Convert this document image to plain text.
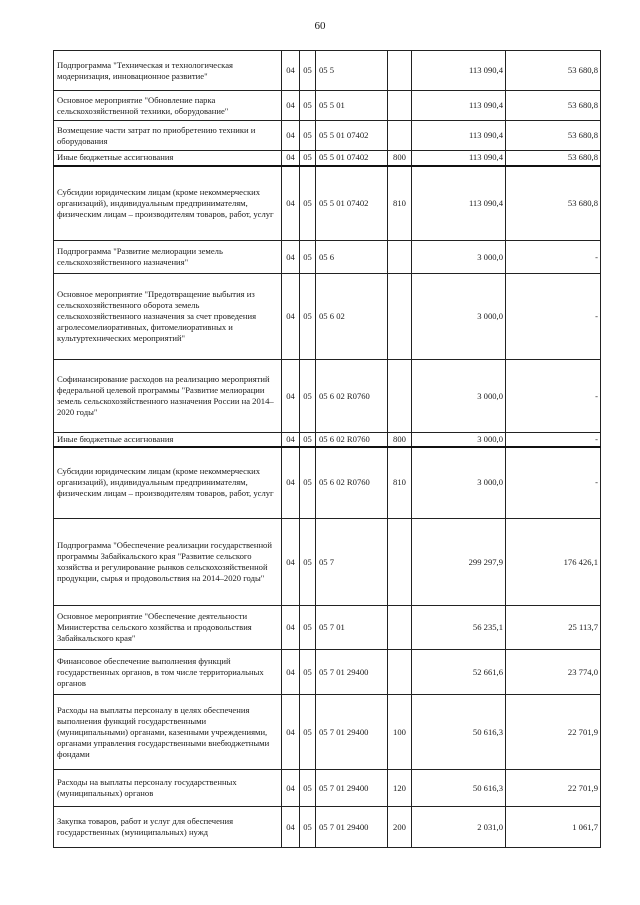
60
Подпрограмма "Техническая и технологическая модернизация, инновационное развитие"	04	05	05 5		113 090,4	53 680,8
Основное мероприятие "Обновление парка сельскохозяйственной техники, оборудование"	04	05	05 5 01		113 090,4	53 680,8
Возмещение части затрат по приобретению техники и оборудования	04	05	05 5 01 07402		113 090,4	53 680,8
Иные бюджетные ассигнования	04	05	05 5 01 07402	800	113 090,4	53 680,8
Субсидии юридическим лицам (кроме некоммерческих организаций), индивидуальным предпринимателям, физическим лицам – производителям товаров, работ, услуг	04	05	05 5 01 07402	810	113 090,4	53 680,8
Подпрограмма "Развитие мелиорации земель сельскохозяйственного назначения"	04	05	05 6		3 000,0	-
Основное мероприятие "Предотвращение выбытия из сельскохозяйственного оборота земель сельскохозяйственного назначения за счет проведения агролесомелиоративных, фитомелиоративных и культуртехнических мероприятий"	04	05	05 6 02		3 000,0	-
Софинансирование расходов на реализацию мероприятий федеральной целевой программы "Развитие мелиорации земель сельскохозяйственного назначения России на 2014–2020 годы"	04	05	05 6 02 R0760		3 000,0	-
Иные бюджетные ассигнования	04	05	05 6 02 R0760	800	3 000,0	-
Субсидии юридическим лицам (кроме некоммерческих организаций), индивидуальным предпринимателям, физическим лицам – производителям товаров, работ, услуг	04	05	05 6 02 R0760	810	3 000,0	-
Подпрограмма "Обеспечение реализации государственной программы Забайкальского края "Развитие сельского хозяйства и регулирование рынков сельскохозяйственной продукции, сырья и продовольствия на 2014–2020 годы"	04	05	05 7		299 297,9	176 426,1
Основное мероприятие "Обеспечение деятельности Министерства сельского хозяйства и продовольствия Забайкальского края"	04	05	05 7 01		56 235,1	25 113,7
Финансовое обеспечение выполнения функций государственных органов, в том числе территориальных органов	04	05	05 7 01 29400		52 661,6	23 774,0
Расходы на выплаты персоналу в целях обеспечения выполнения функций государственными (муниципальными) органами, казенными учреждениями, органами управления государственными внебюджетными фондами	04	05	05 7 01 29400	100	50 616,3	22 701,9
Расходы на выплаты персоналу государственных (муниципальных) органов	04	05	05 7 01 29400	120	50 616,3	22 701,9
Закупка товаров, работ и услуг для обеспечения государственных (муниципальных) нужд	04	05	05 7 01 29400	200	2 031,0	1 061,7
